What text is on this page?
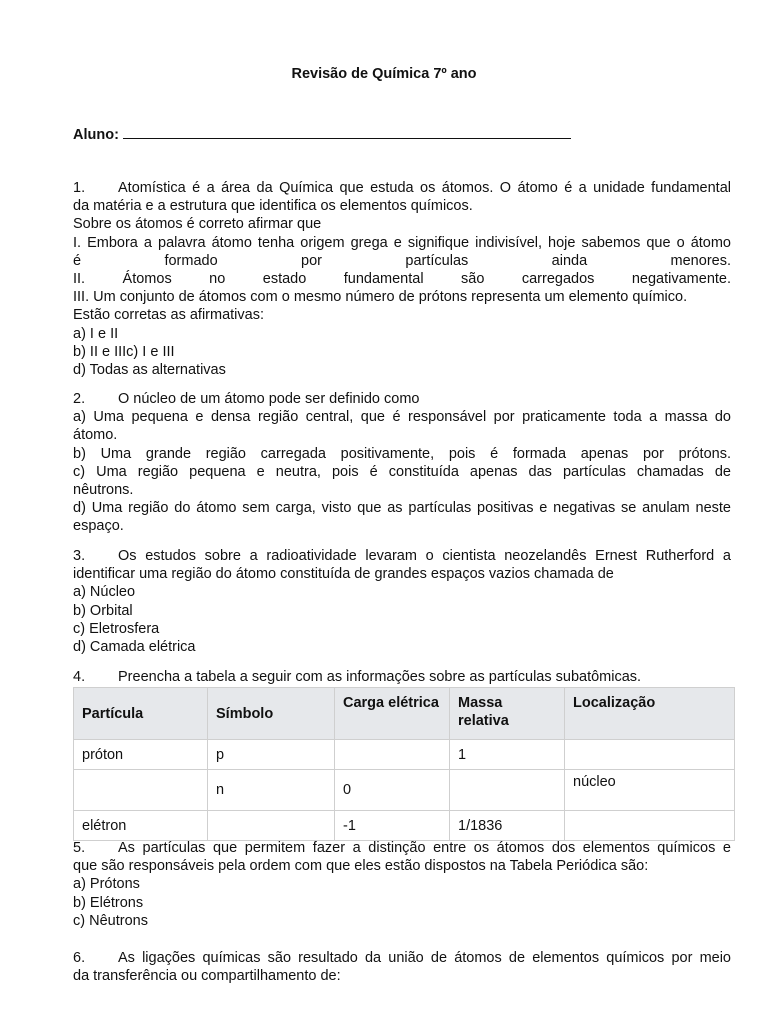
Revisão de Química 7º ano
Aluno:
1. Atomística é a área da Química que estuda os átomos. O átomo é a unidade fundamental
da matéria e a estrutura que identifica os elementos químicos.
Sobre os átomos é correto afirmar que
I. Embora a palavra átomo tenha origem grega e signifique indivisível, hoje sabemos que o átomo
é formado por partículas ainda menores.
II. Átomos no estado fundamental são carregados negativamente.
III. Um conjunto de átomos com o mesmo número de prótons representa um elemento químico.
Estão corretas as afirmativas:
a) I e II
b) II e IIIc) I e III
d) Todas as alternativas
2. O núcleo de um átomo pode ser definido como
a) Uma pequena e densa região central, que é responsável por praticamente toda a massa do
átomo.
b) Uma grande região carregada positivamente, pois é formada apenas por prótons.
c) Uma região pequena e neutra, pois é constituída apenas das partículas chamadas de
nêutrons.
d) Uma região do átomo sem carga, visto que as partículas positivas e negativas se anulam neste
espaço.
3. Os estudos sobre a radioatividade levaram o cientista neozelandês Ernest Rutherford a
identificar uma região do átomo constituída de grandes espaços vazios chamada de
a) Núcleo
b) Orbital
c) Eletrosfera
d) Camada elétrica
4. Preencha a tabela a seguir com as informações sobre as partículas subatômicas.
Partícula	Símbolo	Carga elétrica	Massa relativa	Localização
próton	p		1	
	n	0		núcleo
elétron		-1	1/1836	
5. As partículas que permitem fazer a distinção entre os átomos dos elementos químicos e
que são responsáveis pela ordem com que eles estão dispostos na Tabela Periódica são:
a) Prótons
b) Elétrons
c) Nêutrons
6. As ligações químicas são resultado da união de átomos de elementos químicos por meio
da transferência ou compartilhamento de:
